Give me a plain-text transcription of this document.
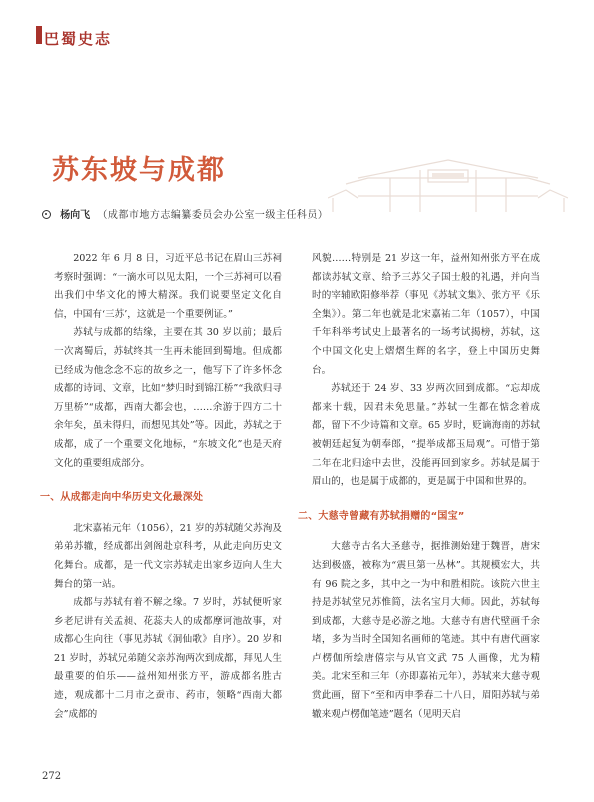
巴蜀史志
苏东坡与成都
杨向飞 （成都市地方志编纂委员会办公室一级主任科员）

2022 年 6 月 8 日，习近平总书记在眉山三苏祠考察时强调：“一滴水可以见太阳，一个三苏祠可以看出我们中华文化的博大精深。我们说要坚定文化自信，中国有‘三苏’，这就是一个重要例证。”

苏轼与成都的结缘，主要在其 30 岁以前；最后一次离蜀后，苏轼终其一生再未能回到蜀地。但成都已经成为他念念不忘的故乡之一，他写下了许多怀念成都的诗词、文章，比如“梦归时到锦江桥”“我欲归寻万里桥”“成都，西南大都会也，……余游于四方二十余年矣，虽未得归，而想见其处”等。因此，苏轼之于成都，成了一个重要文化地标，“东坡文化”也是天府文化的重要组成部分。

一、从成都走向中华历史文化最深处

北宋嘉祐元年（1056），21 岁的苏轼随父苏洵及弟弟苏辙，经成都出剑阁赴京科考，从此走向历史文化舞台。成都，是一代文宗苏轼走出家乡迈向人生大舞台的第一站。

成都与苏轼有着不解之缘。7 岁时，苏轼便听家乡老尼讲有关孟昶、花蕊夫人的成都摩诃池故事，对成都心生向往（事见苏轼《洞仙歌》自序）。20 岁和 21 岁时，苏轼兄弟随父亲苏洵两次到成都，拜见人生最重要的伯乐——益州知州张方平，游成都名胜古迹，观成都十二月市之蚕市、药市，领略“西南大都会”成都的

风貌……特别是 21 岁这一年，益州知州张方平在成都读苏轼文章、给予三苏父子国士般的礼遇，并向当时的宰辅欧阳修举荐（事见《苏轼文集》、张方平《乐全集》）。第二年也就是北宋嘉祐二年（1057），中国千年科举考试史上最著名的一场考试揭榜，苏轼，这个中国文化史上熠熠生辉的名字，登上中国历史舞台。

苏轼还于 24 岁、33 岁两次回到成都。“忘却成都来十载，因君未免思量。”苏轼一生都在惦念着成都，留下不少诗篇和文章。65 岁时，贬谪海南的苏轼被朝廷起复为朝奉郎，“提举成都玉局观”。可惜于第二年在北归途中去世，没能再回到家乡。苏轼是属于眉山的，也是属于成都的，更是属于中国和世界的。

二、大慈寺曾藏有苏轼捐赠的“国宝”

大慈寺古名大圣慈寺，据推测始建于魏晋，唐宋达到极盛，被称为“震旦第一丛林”。其规模宏大，共有 96 院之多，其中之一为中和胜相院。该院六世主持是苏轼堂兄苏惟简，法名宝月大师。因此，苏轼每到成都，大慈寺是必游之地。大慈寺有唐代壁画千余堵，多为当时全国知名画师的笔迹。其中有唐代画家卢楞伽所绘唐僖宗与从官文武 75 人画像，尤为精美。北宋至和三年（亦即嘉祐元年），苏轼来大慈寺观赏此画，留下“至和丙申季春二十八日，眉阳苏轼与弟辙来观卢楞伽笔迹”题名（见明天启

272
